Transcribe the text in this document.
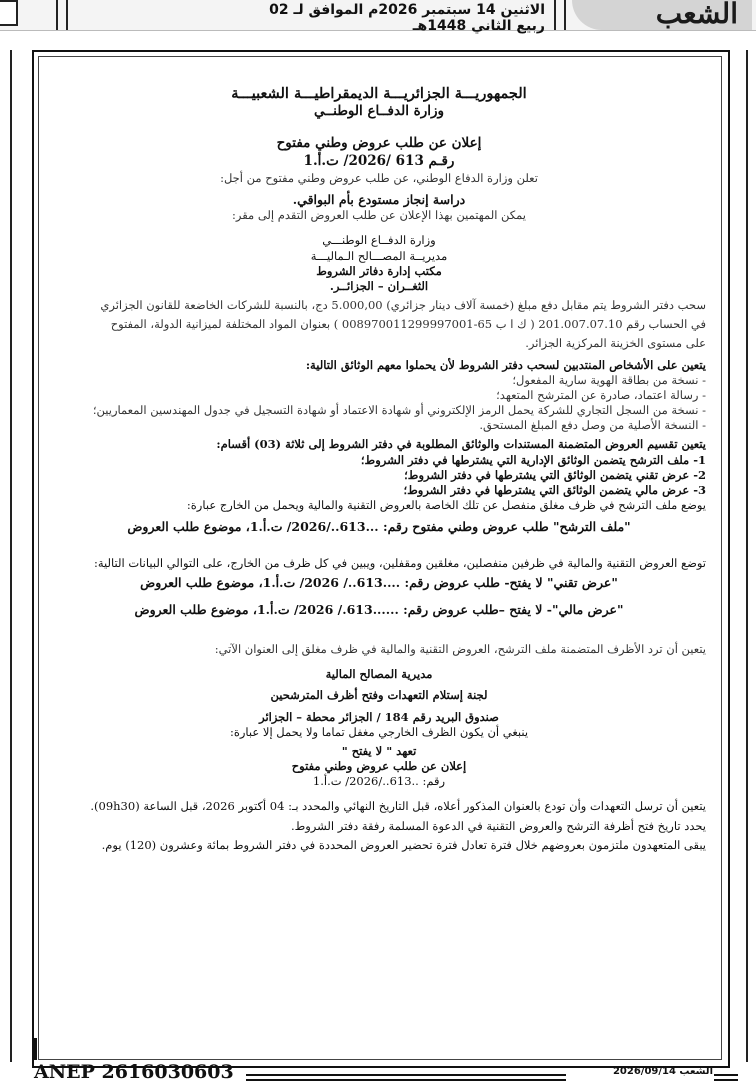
الاثنين 14 سبتمبر 2026م الموافق لـ 02 ربيع الثاني 1448هـ	الشعب

الجمهوريـــة الجزائريـــة الديمقراطيـــة الشعبيـــة

وزارة الدفــاع الوطنــي

إعلان عن طلب عروض وطني مفتوح

رقـم 613 /2026/ ت.أ.1

تعلن وزارة الدفاع الوطني، عن طلب عروض وطني مفتوح من أجل:

دراسة إنجاز مستودع بأم البواقي.

يمكن المهتمين بهذا الإعلان عن طلب العروض التقدم إلى مقر:

وزارة الدفــاع الوطنـــي

مديريــة المصـــالح الـماليـــة

مكتب إدارة دفاتر الشروط

الثغــران – الجزائــر.

سحب دفتر الشروط يتم مقابل دفع مبلغ (خمسة آلاف دينار جزائري) 5.000,00 دج، بالنسبة للشركات الخاضعة للقانون الجزائري

في الحساب رقم 201.007.07.10 ( ك ا ب 65-008970011299997001 ) بعنوان المواد المختلفة لميزانية الدولة، المفتوح

على مستوى الخزينة المركزية الجزائر.

يتعين على الأشخاص المنتدبين لسحب دفتر الشروط لأن يحملوا معهم الوثائق التالية:

- نسخة من بطاقة الهوية سارية المفعول؛
- رسالة اعتماد، صادرة عن المترشح المتعهد؛
- نسخة من السجل التجاري للشركة يحمل الرمز الإلكتروني أو شهادة الاعتماد أو شهادة التسجيل في جدول المهندسين المعماريين؛
- النسخة الأصلية من وصل دفع المبلغ المستحق.

يتعين تقسيم العروض المتضمنة المستندات والوثائق المطلوبة في دفتر الشروط إلى ثلاثة (03) أقسام:

1- ملف الترشح يتضمن الوثائق الإدارية التي يشترطها في دفتر الشروط؛
2- عرض تقني يتضمن الوثائق التي يشترطها في دفتر الشروط؛
3- عرض مالي يتضمن الوثائق التي يشترطها في دفتر الشروط؛

يوضع ملف الترشح في ظرف مغلق منفصل عن تلك الخاصة بالعروض التقنية والمالية ويحمل من الخارج عبارة:

"ملف الترشح" طلب عروض وطني مفتوح رقم: ...613../2026/ ت.أ.1، موضوع طلب العروض

توضع العروض التقنية والمالية في ظرفين منفصلين، مغلقين ومقفلين، ويبين في كل ظرف من الخارج، على التوالي البيانات التالية:

"عرض تقني" لا يفتح- طلب عروض رقم: ....613../ 2026/ ت.أ.1، موضوع طلب العروض

"عرض مالي"- لا يفتح –طلب عروض رقم: ......613./ 2026/ ت.أ.1، موضوع طلب العروض

يتعين أن ترد الأظرف المتضمنة ملف الترشح، العروض التقنية والمالية في ظرف مغلق إلى العنوان الآتي:

مديرية المصالح المالية

لجنة إستلام التعهدات وفتح أظرف المترشحين

صندوق البريد رقم 184 / الجزائر محطة – الجزائر

ينبغي أن يكون الظرف الخارجي مغفل تماما ولا يحمل إلا عبارة:

تعهد " لا يفتح "

إعلان عن طلب عروض وطني مفتوح

رقم: ..613../2026/ ت.أ.1

يتعين أن ترسل التعهدات وأن تودع بالعنوان المذكور أعلاه، قبل التاريخ النهائي والمحدد بـ: 04 أكتوبر 2026، قبل الساعة (09h30).

يحدد تاريخ فتح أظرفة الترشح والعروض التقنية في الدعوة المسلمة رفقة دفتر الشروط.

يبقى المتعهدون ملتزمون بعروضهم خلال فترة تعادل فترة تحضير العروض المحددة في دفتر الشروط بمائة وعشرون (120) يوم.

ANEP 2616030603	الشعب 2026/09/14
